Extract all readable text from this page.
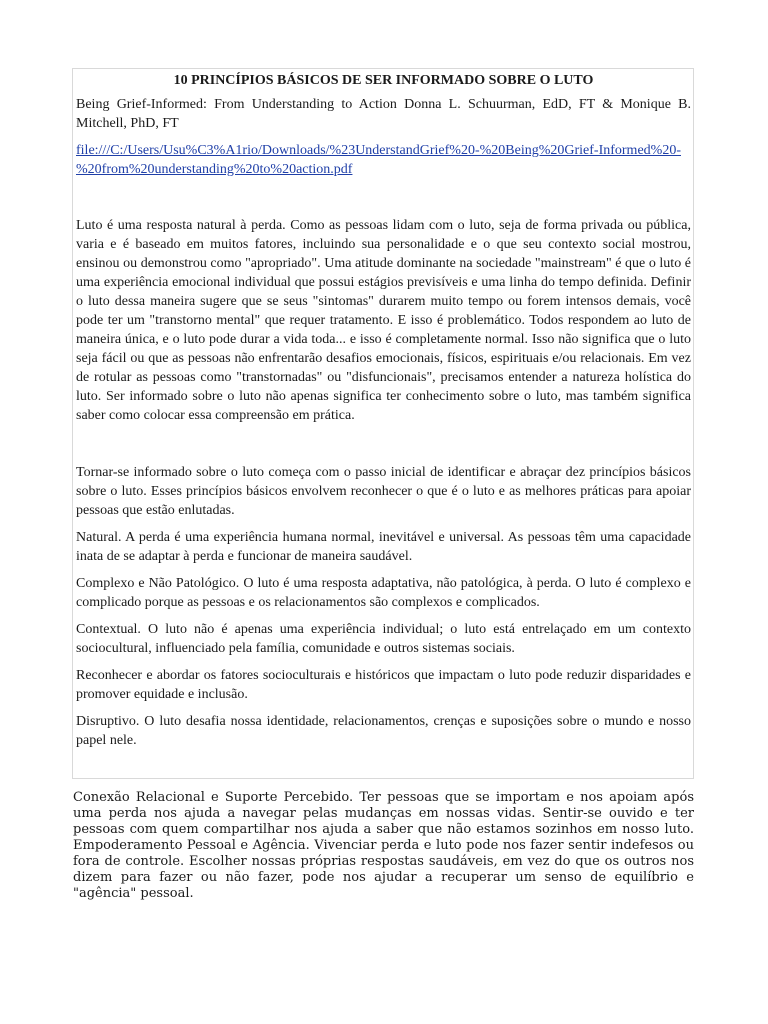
10 PRINCÍPIOS BÁSICOS DE SER INFORMADO SOBRE O LUTO
Being Grief-Informed: From Understanding to Action Donna L. Schuurman, EdD, FT & Monique B. Mitchell, PhD, FT
file:///C:/Users/Usu%C3%A1rio/Downloads/%23UnderstandGrief%20-%20Being%20Grief-Informed%20-%20from%20understanding%20to%20action.pdf
Luto é uma resposta natural à perda. Como as pessoas lidam com o luto, seja de forma privada ou pública, varia e é baseado em muitos fatores, incluindo sua personalidade e o que seu contexto social mostrou, ensinou ou demonstrou como "apropriado". Uma atitude dominante na sociedade "mainstream" é que o luto é uma experiência emocional individual que possui estágios previsíveis e uma linha do tempo definida. Definir o luto dessa maneira sugere que se seus "sintomas" durarem muito tempo ou forem intensos demais, você pode ter um "transtorno mental" que requer tratamento. E isso é problemático. Todos respondem ao luto de maneira única, e o luto pode durar a vida toda... e isso é completamente normal. Isso não significa que o luto seja fácil ou que as pessoas não enfrentarão desafios emocionais, físicos, espirituais e/ou relacionais. Em vez de rotular as pessoas como "transtornadas" ou "disfuncionais", precisamos entender a natureza holística do luto. Ser informado sobre o luto não apenas significa ter conhecimento sobre o luto, mas também significa saber como colocar essa compreensão em prática.
Tornar-se informado sobre o luto começa com o passo inicial de identificar e abraçar dez princípios básicos sobre o luto. Esses princípios básicos envolvem reconhecer o que é o luto e as melhores práticas para apoiar pessoas que estão enlutadas.
Natural. A perda é uma experiência humana normal, inevitável e universal. As pessoas têm uma capacidade inata de se adaptar à perda e funcionar de maneira saudável.
Complexo e Não Patológico. O luto é uma resposta adaptativa, não patológica, à perda. O luto é complexo e complicado porque as pessoas e os relacionamentos são complexos e complicados.
Contextual. O luto não é apenas uma experiência individual; o luto está entrelaçado em um contexto sociocultural, influenciado pela família, comunidade e outros sistemas sociais.
Reconhecer e abordar os fatores socioculturais e históricos que impactam o luto pode reduzir disparidades e promover equidade e inclusão.
Disruptivo. O luto desafia nossa identidade, relacionamentos, crenças e suposições sobre o mundo e nosso papel nele.

Conexão Relacional e Suporte Percebido. Ter pessoas que se importam e nos apoiam após uma perda nos ajuda a navegar pelas mudanças em nossas vidas. Sentir-se ouvido e ter pessoas com quem compartilhar nos ajuda a saber que não estamos sozinhos em nosso luto. Empoderamento Pessoal e Agência. Vivenciar perda e luto pode nos fazer sentir indefesos ou fora de controle. Escolher nossas próprias respostas saudáveis, em vez do que os outros nos dizem para fazer ou não fazer, pode nos ajudar a recuperar um senso de equilíbrio e "agência" pessoal.
